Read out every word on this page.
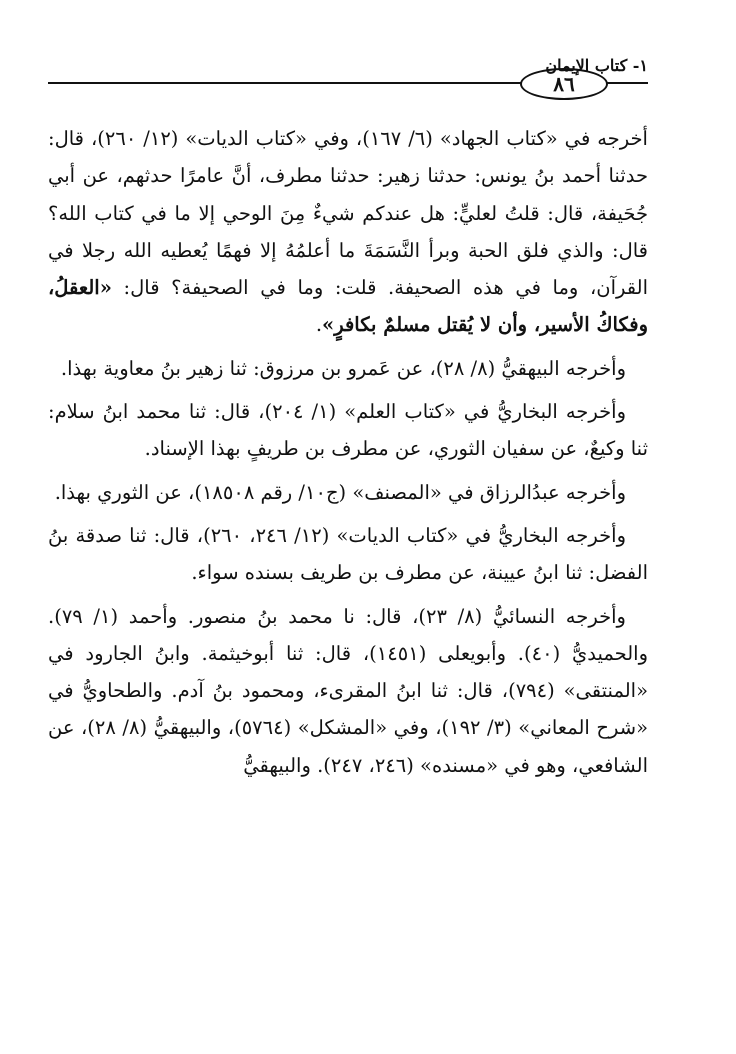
٨٦
١- كتاب الإيمان

أخرجه في «كتاب الجهاد» (٦/ ١٦٧)، وفي «كتاب الديات» (١٢/ ٢٦٠)، قال: حدثنا أحمد بنُ يونس: حدثنا زهير: حدثنا مطرف، أنَّ عامرًا حدثهم، عن أبي جُحَيفة، قال: قلتُ لعليٍّ: هل عندكم شيءٌ مِنَ الوحي إلا ما في كتاب الله؟ قال: والذي فلق الحبة وبرأ النَّسَمَةَ ما أعلمُهُ إلا فهمًا يُعطيه الله رجلا في القرآن، وما في هذه الصحيفة. قلت: وما في الصحيفة؟ قال: «العقلُ، وفكاكُ الأسير، وأن لا يُقتل مسلمٌ بكافرٍ».

وأخرجه البيهقيُّ (٨/ ٢٨)، عن عَمرو بن مرزوق: ثنا زهير بنُ معاوية بهذا.

وأخرجه البخاريُّ في «كتاب العلم» (١/ ٢٠٤)، قال: ثنا محمد ابنُ سلام: ثنا وكيعٌ، عن سفيان الثوري، عن مطرف بن طريفٍ بهذا الإسناد.

وأخرجه عبدُالرزاق في «المصنف» (ج١٠/ رقم ١٨٥٠٨)، عن الثوري بهذا.

وأخرجه البخاريُّ في «كتاب الديات» (١٢/ ٢٤٦، ٢٦٠)، قال: ثنا صدقة بنُ الفضل: ثنا ابنُ عيينة، عن مطرف بن طريف بسنده سواء.

وأخرجه النسائيُّ (٨/ ٢٣)، قال: نا محمد بنُ منصور. وأحمد (١/ ٧٩). والحميديُّ (٤٠). وأبويعلى (١٤٥١)، قال: ثنا أبوخيثمة. وابنُ الجارود في «المنتقى» (٧٩٤)، قال: ثنا ابنُ المقرىء، ومحمود بنُ آدم. والطحاويُّ في «شرح المعاني» (٣/ ١٩٢)، وفي «المشكل» (٥٧٦٤)، والبيهقيُّ (٨/ ٢٨)، عن الشافعي، وهو في «مسنده» (٢٤٦، ٢٤٧). والبيهقيُّ
